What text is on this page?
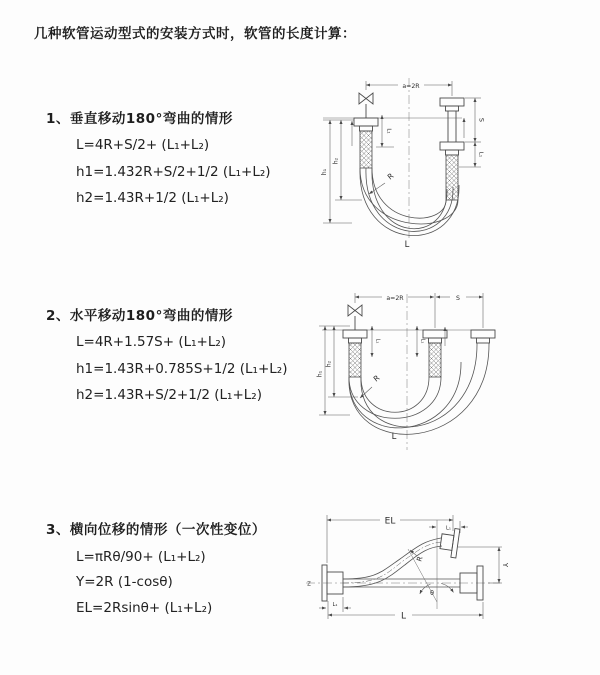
几种软管运动型式的安装方式时，软管的长度计算：
1、垂直移动180°弯曲的情形
L=4R+S/2+ (L₁+L₂)
h1=1.432R+S/2+1/2 (L₁+L₂)
h2=1.43R+1/2 (L₁+L₂)
2、水平移动180°弯曲的情形
L=4R+1.57S+ (L₁+L₂)
h1=1.43R+0.785S+1/2 (L₁+L₂)
h2=1.43R+S/2+1/2 (L₁+L₂)
3、横向位移的情形（一次性变位）
L=πRθ/90+ (L₁+L₂)
Y=2R (1-cosθ)
EL=2Rsinθ+ (L₁+L₂)
a=2R
h₁
h₂
L₁
S
L₁
R
L
a=2R	S
h₁
h₂
L₁	L₁
R
L
Z
EL
L₁
Y
R
θ
L₁
L
